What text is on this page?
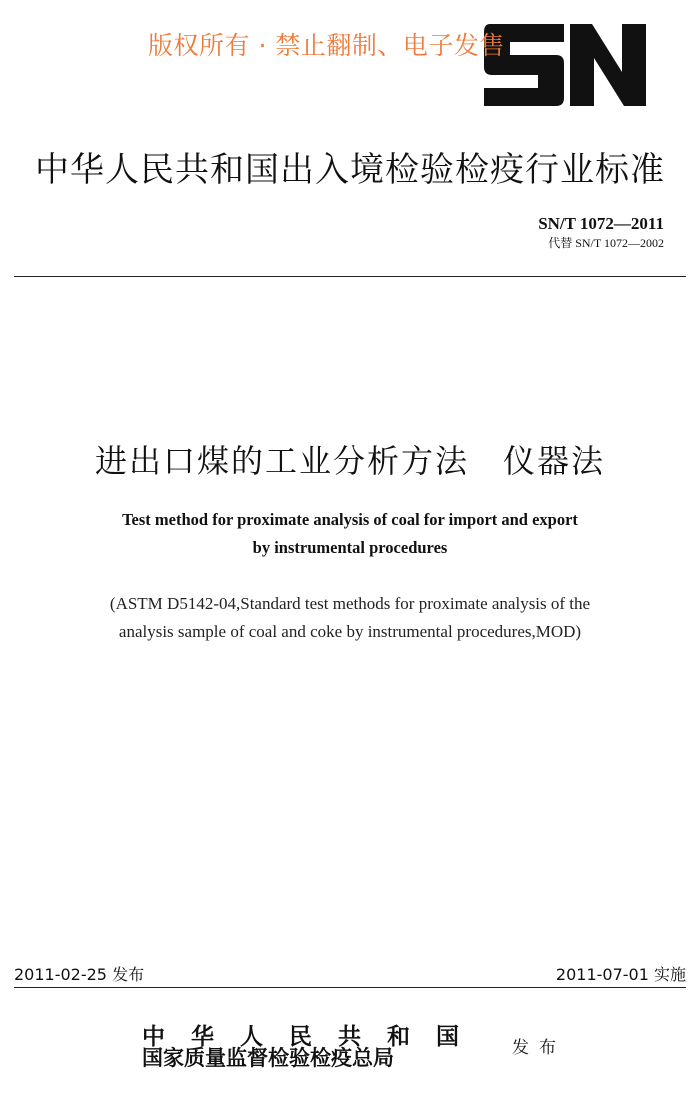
版权所有 · 禁止翻制、电子发售
中华人民共和国出入境检验检疫行业标准
SN/T 1072—2011
代替 SN/T 1072—2002
进出口煤的工业分析方法　仪器法
Test method for proximate analysis of coal for import and export
by instrumental procedures
(ASTM D5142-04,Standard test methods for proximate analysis of the
analysis sample of coal and coke by instrumental procedures,MOD)
2011-02-25 发布	2011-07-01 实施
中华人民共和国
国家质量监督检验检疫总局	发布
